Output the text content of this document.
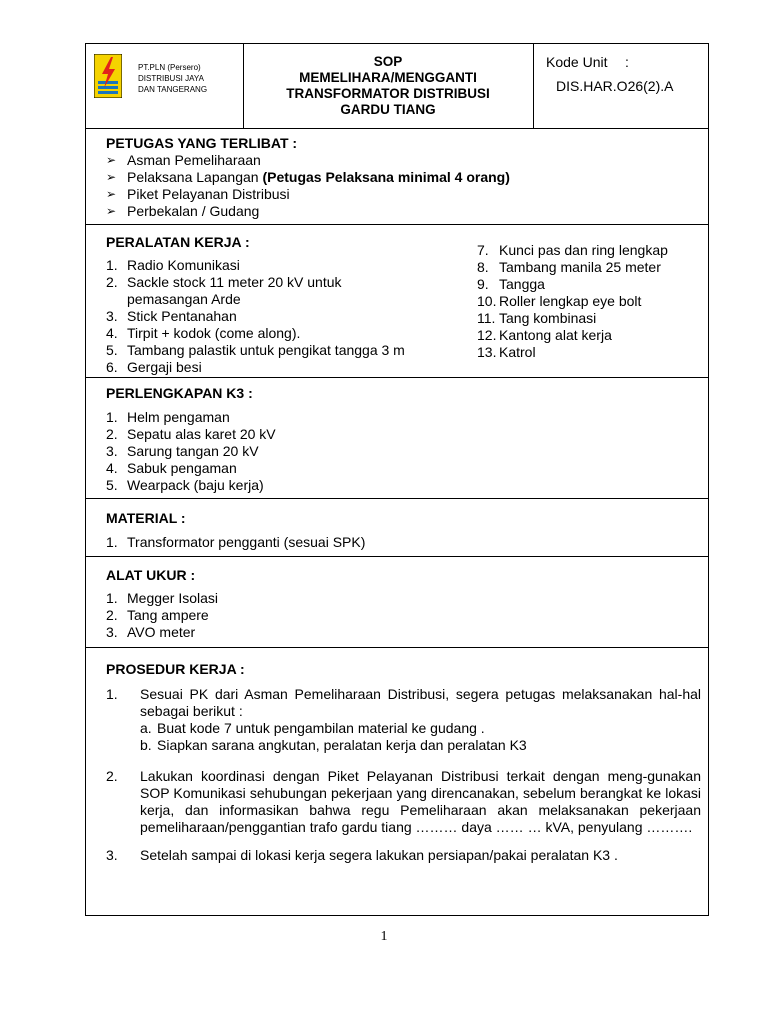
PT.PLN (Persero)
DISTRIBUSI JAYA
DAN TANGERANG
SOP
MEMELIHARA/MENGGANTI
TRANSFORMATOR DISTRIBUSI
GARDU TIANG
Kode Unit :
DIS.HAR.O26(2).A
PETUGAS YANG TERLIBAT :
➢ Asman Pemeliharaan
➢ Pelaksana Lapangan (Petugas Pelaksana minimal 4 orang)
➢ Piket Pelayanan Distribusi
➢ Perbekalan / Gudang
PERALATAN KERJA :
1. Radio Komunikasi
2. Sackle stock 11 meter 20 kV untuk
pemasangan Arde
3. Stick Pentanahan
4. Tirpit + kodok (come along).
5. Tambang palastik untuk pengikat tangga 3 m
6. Gergaji besi
7. Kunci pas dan ring lengkap
8. Tambang manila 25 meter
9. Tangga
10. Roller lengkap eye bolt
11. Tang kombinasi
12. Kantong alat kerja
13. Katrol
PERLENGKAPAN K3 :
1. Helm pengaman
2. Sepatu alas karet 20 kV
3. Sarung tangan 20 kV
4. Sabuk pengaman
5. Wearpack (baju kerja)
MATERIAL :
1. Transformator pengganti (sesuai SPK)
ALAT UKUR :
1. Megger Isolasi
2. Tang ampere
3. AVO meter
PROSEDUR KERJA :
1. Sesuai PK dari Asman Pemeliharaan Distribusi, segera petugas melaksanakan hal-hal sebagai berikut :
a. Buat kode 7 untuk pengambilan material ke gudang .
b. Siapkan sarana angkutan, peralatan kerja dan peralatan K3
2. Lakukan koordinasi dengan Piket Pelayanan Distribusi terkait dengan meng-gunakan SOP Komunikasi sehubungan pekerjaan yang direncanakan, sebelum berangkat ke lokasi kerja, dan informasikan bahwa regu Pemeliharaan akan melaksanakan pekerjaan pemeliharaan/penggantian trafo gardu tiang ……… daya …… … kVA, penyulang ……….
3. Setelah sampai di lokasi kerja segera lakukan persiapan/pakai peralatan K3 .
1
